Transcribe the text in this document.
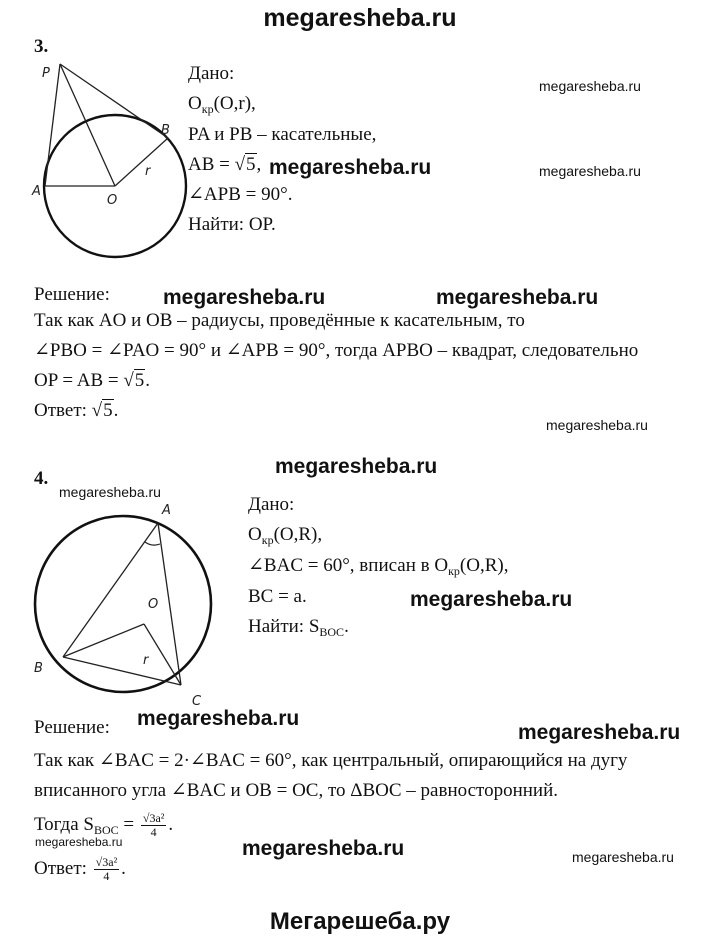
megaresheba.ru
3.
P
A
B
O
r
Дано:
$O_{кр}(O,r)$,
PA и PB – касательные,
AB = √5,
∠APB = 90°.
Найти: OP.
Решение:
Так как AO и OB – радиусы, проведённые к касательным, то
∠PBO = ∠PAO = 90° и ∠APB = 90°, тогда APBO – квадрат, следовательно
OP = AB = √5.
Ответ: √5.
4.
A
B
C
O
r
Дано:
$O_{кр}(O,R)$,
∠BAC = 60°, вписан в $O_{кр}(O,R)$,
BC = a.
Найти: $S_{BOC}$.
Решение:
Так как ∠BAC = 2·∠BAC = 60°, как центральный, опирающийся на дугу
вписанного угла ∠BAC и OB = OC, то ΔBOC – равносторонний.
Тогда $S_{BOC} = \frac{\text{√3a²}}{4}$ .
Ответ: $\frac{\text{√3a²}}{4}$ .
megaresheba.ru
megaresheba.ru	megaresheba.ru
megaresheba.ru
megaresheba.ru
megaresheba.ru
megaresheba.ru
megaresheba.ru
megaresheba.ru
megaresheba.ru
megaresheba.ru
megaresheba.ru
megaresheba.ru
megaresheba.ru
Мегарешеба.ру
